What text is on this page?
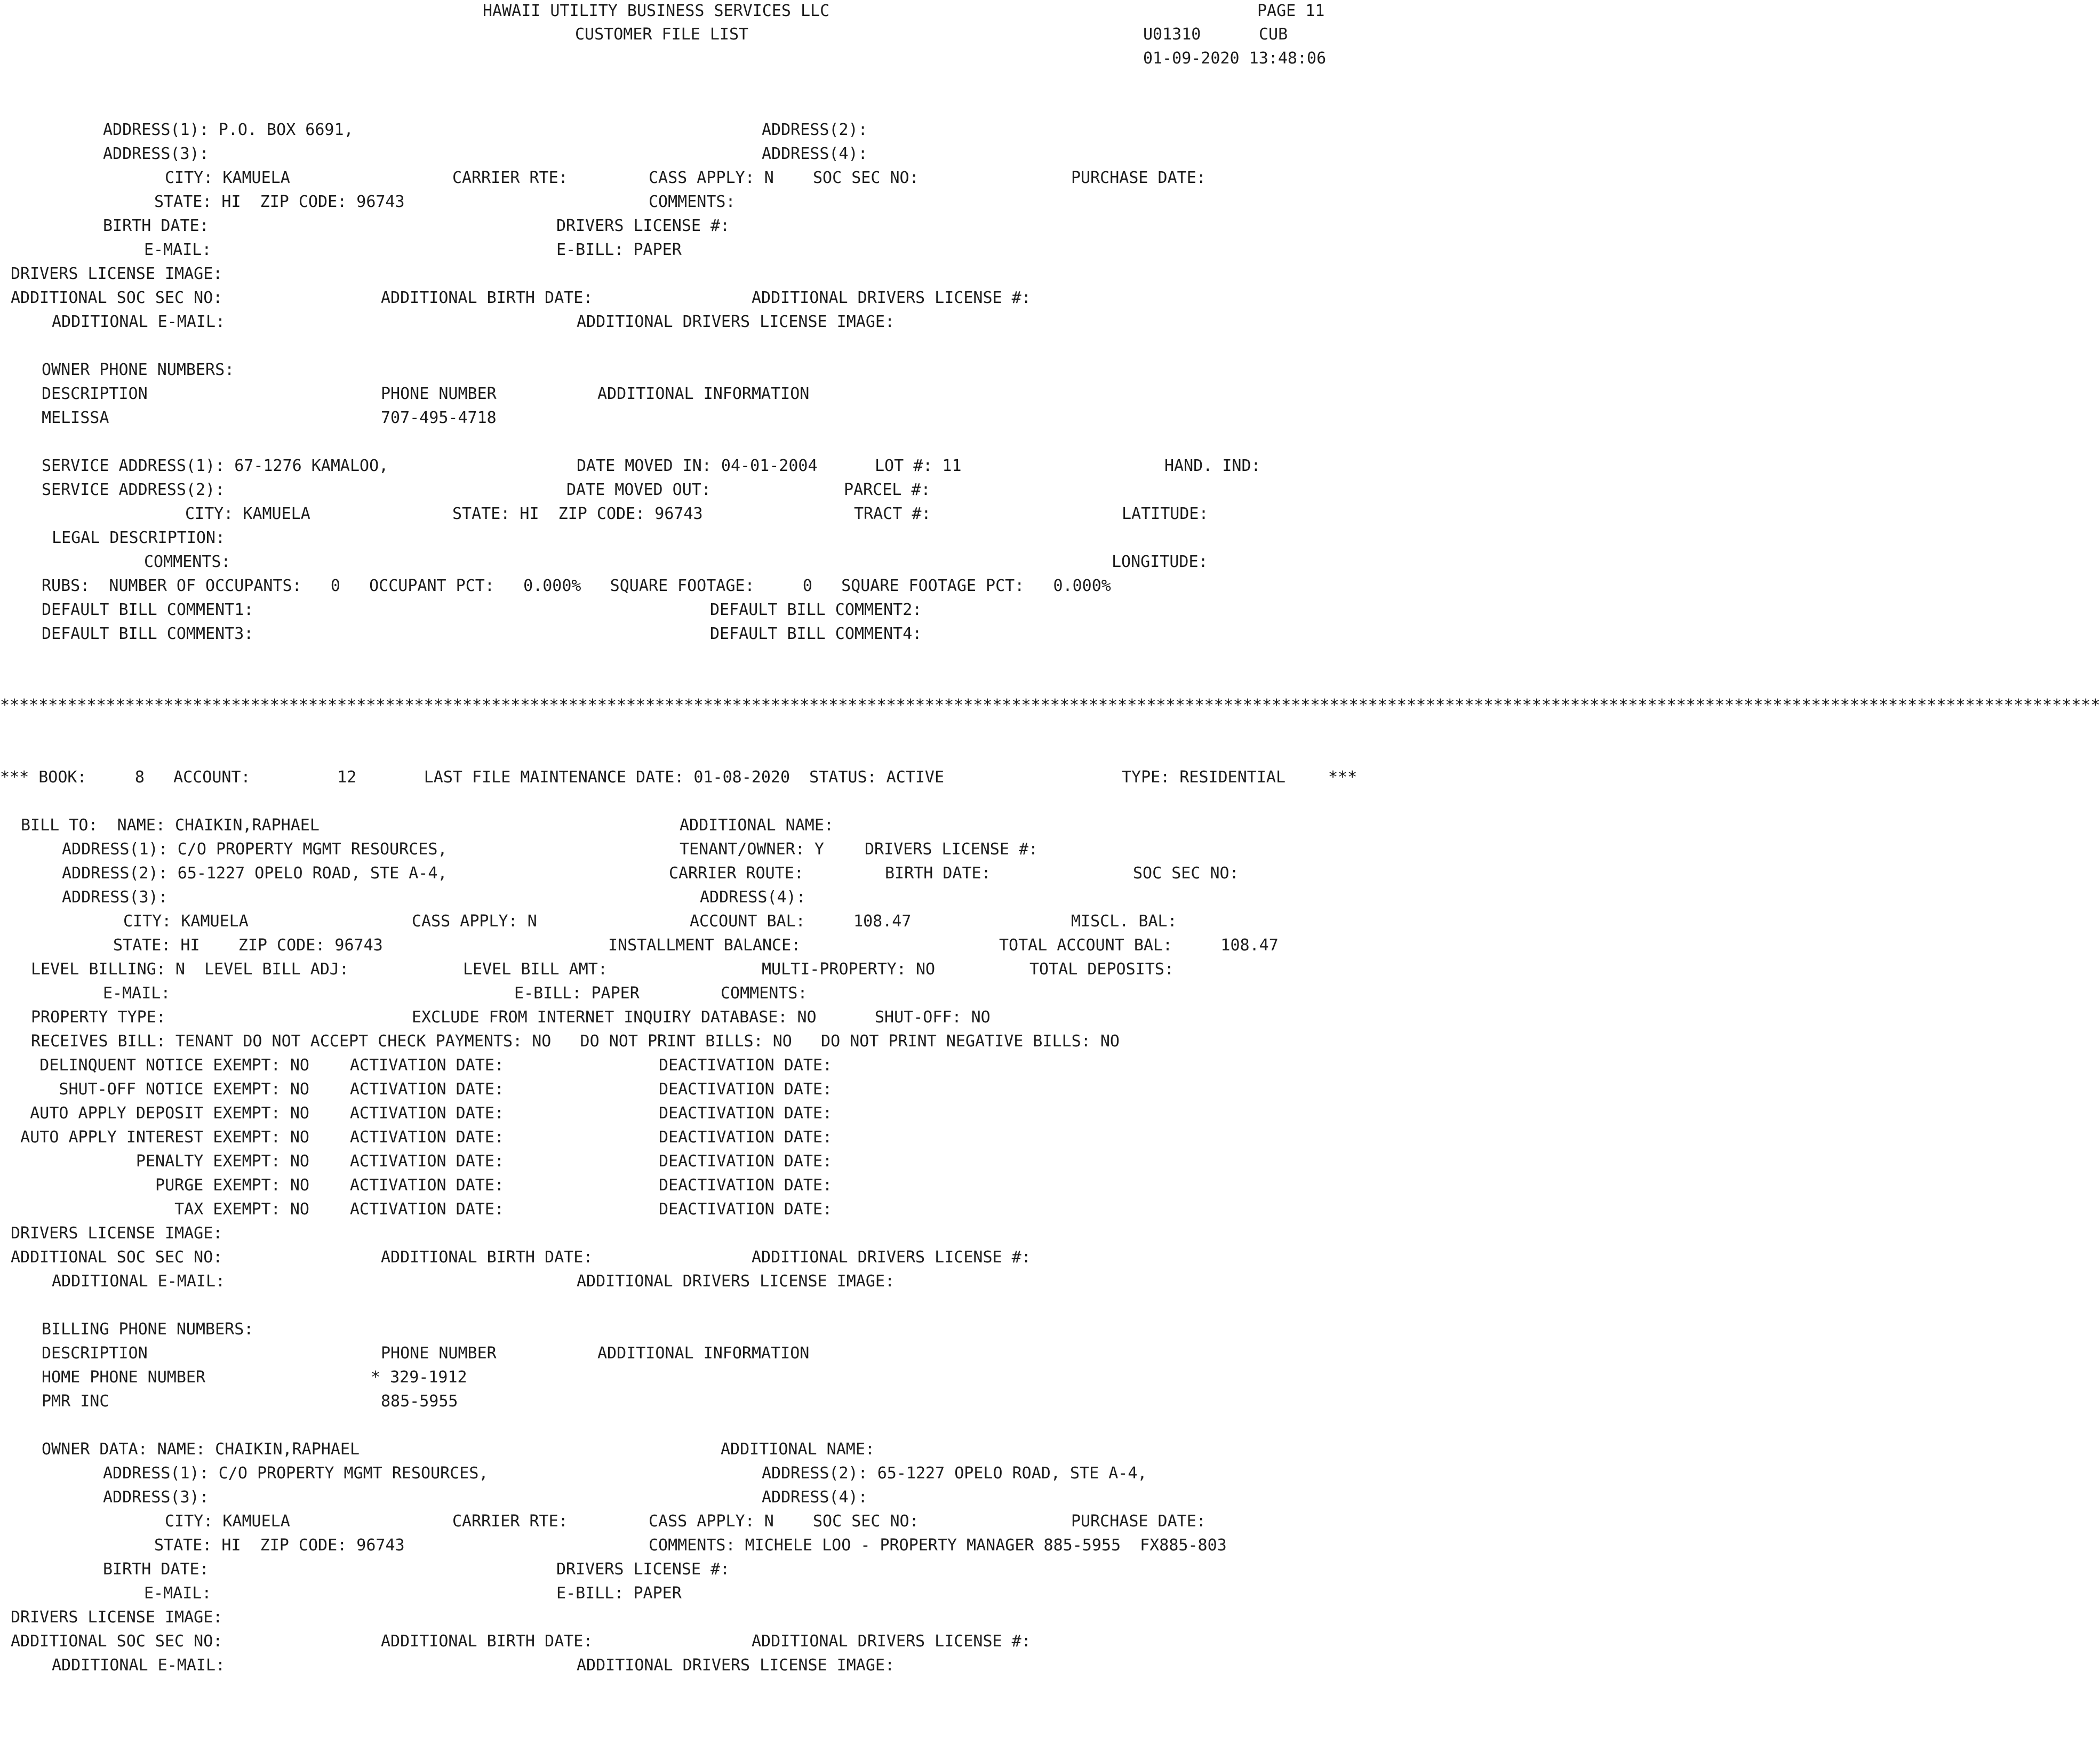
HAWAII UTILITY BUSINESS SERVICES LLC
CUSTOMER FILE LIST
PAGE 11
U01310	CUB
01-09-2020 13:48:06
ADDRESS(1): P.O. BOX 6691,	ADDRESS(2):
ADDRESS(3):	ADDRESS(4):
CITY: KAMUELA	CARRIER RTE:	CASS APPLY: N SOC SEC NO:	PURCHASE DATE:
STATE: HI  ZIP CODE: 96743	COMMENTS:
BIRTH DATE:	DRIVERS LICENSE #:
E-MAIL:	E-BILL: PAPER
DRIVERS LICENSE IMAGE:
ADDITIONAL SOC SEC NO:	ADDITIONAL BIRTH DATE:	ADDITIONAL DRIVERS LICENSE #:
ADDITIONAL E-MAIL:	ADDITIONAL DRIVERS LICENSE IMAGE:
OWNER PHONE NUMBERS:
DESCRIPTION	PHONE NUMBER	ADDITIONAL INFORMATION
MELISSA	707-495-4718
SERVICE ADDRESS(1): 67-1276 KAMALOO,	DATE MOVED IN: 04-01-2004	LOT #: 11	HAND. IND:
SERVICE ADDRESS(2):	DATE MOVED OUT:	PARCEL #:
CITY: KAMUELA	STATE: HI  ZIP CODE: 96743	TRACT #:	LATITUDE:
LEGAL DESCRIPTION:
COMMENTS:	LONGITUDE:
RUBS:  NUMBER OF OCCUPANTS:   0   OCCUPANT PCT:   0.000%   SQUARE FOOTAGE:     0   SQUARE FOOTAGE PCT:   0.000%
DEFAULT BILL COMMENT1:	DEFAULT BILL COMMENT2:
DEFAULT BILL COMMENT3:	DEFAULT BILL COMMENT4:
**************************************************************************************************************************************************************************************************************************
*** BOOK:     8   ACCOUNT:         12       LAST FILE MAINTENANCE DATE: 01-08-2020  STATUS: ACTIVE	TYPE: RESIDENTIAL	***
BILL TO:  NAME: CHAIKIN,RAPHAEL	ADDITIONAL NAME:
ADDRESS(1): C/O PROPERTY MGMT RESOURCES,	TENANT/OWNER: Y	DRIVERS LICENSE #:
ADDRESS(2): 65-1227 OPELO ROAD, STE A-4,	CARRIER ROUTE:	BIRTH DATE:	SOC SEC NO:
ADDRESS(3):	ADDRESS(4):
CITY: KAMUELA	CASS APPLY: N	ACCOUNT BAL:     108.47	MISCL. BAL:
STATE: HI    ZIP CODE: 96743	INSTALLMENT BALANCE:	TOTAL ACCOUNT BAL:     108.47
LEVEL BILLING: N  LEVEL BILL ADJ:	LEVEL BILL AMT:	MULTI-PROPERTY: NO	TOTAL DEPOSITS:
E-MAIL:	E-BILL: PAPER	COMMENTS:
PROPERTY TYPE:	EXCLUDE FROM INTERNET INQUIRY DATABASE: NO	SHUT-OFF: NO
RECEIVES BILL: TENANT DO NOT ACCEPT CHECK PAYMENTS: NO   DO NOT PRINT BILLS: NO   DO NOT PRINT NEGATIVE BILLS: NO
DELINQUENT NOTICE EXEMPT: NO	ACTIVATION DATE:	DEACTIVATION DATE:
SHUT-OFF NOTICE EXEMPT: NO	ACTIVATION DATE:	DEACTIVATION DATE:
AUTO APPLY DEPOSIT EXEMPT: NO	ACTIVATION DATE:	DEACTIVATION DATE:
AUTO APPLY INTEREST EXEMPT: NO	ACTIVATION DATE:	DEACTIVATION DATE:
PENALTY EXEMPT: NO	ACTIVATION DATE:	DEACTIVATION DATE:
PURGE EXEMPT: NO	ACTIVATION DATE:	DEACTIVATION DATE:
TAX EXEMPT: NO	ACTIVATION DATE:	DEACTIVATION DATE:
DRIVERS LICENSE IMAGE:
ADDITIONAL SOC SEC NO:	ADDITIONAL BIRTH DATE:	ADDITIONAL DRIVERS LICENSE #:
ADDITIONAL E-MAIL:	ADDITIONAL DRIVERS LICENSE IMAGE:
BILLING PHONE NUMBERS:
DESCRIPTION	PHONE NUMBER	ADDITIONAL INFORMATION
HOME PHONE NUMBER	* 329-1912
PMR INC	885-5955
OWNER DATA: NAME: CHAIKIN,RAPHAEL	ADDITIONAL NAME:
ADDRESS(1): C/O PROPERTY MGMT RESOURCES,	ADDRESS(2): 65-1227 OPELO ROAD, STE A-4,
ADDRESS(3):	ADDRESS(4):
CITY: KAMUELA	CARRIER RTE:	CASS APPLY: N SOC SEC NO:	PURCHASE DATE:
STATE: HI  ZIP CODE: 96743	COMMENTS: MICHELE LOO - PROPERTY MANAGER 885-5955  FX885-803
BIRTH DATE:	DRIVERS LICENSE #:
E-MAIL:	E-BILL: PAPER
DRIVERS LICENSE IMAGE:
ADDITIONAL SOC SEC NO:	ADDITIONAL BIRTH DATE:	ADDITIONAL DRIVERS LICENSE #:
ADDITIONAL E-MAIL:	ADDITIONAL DRIVERS LICENSE IMAGE:
